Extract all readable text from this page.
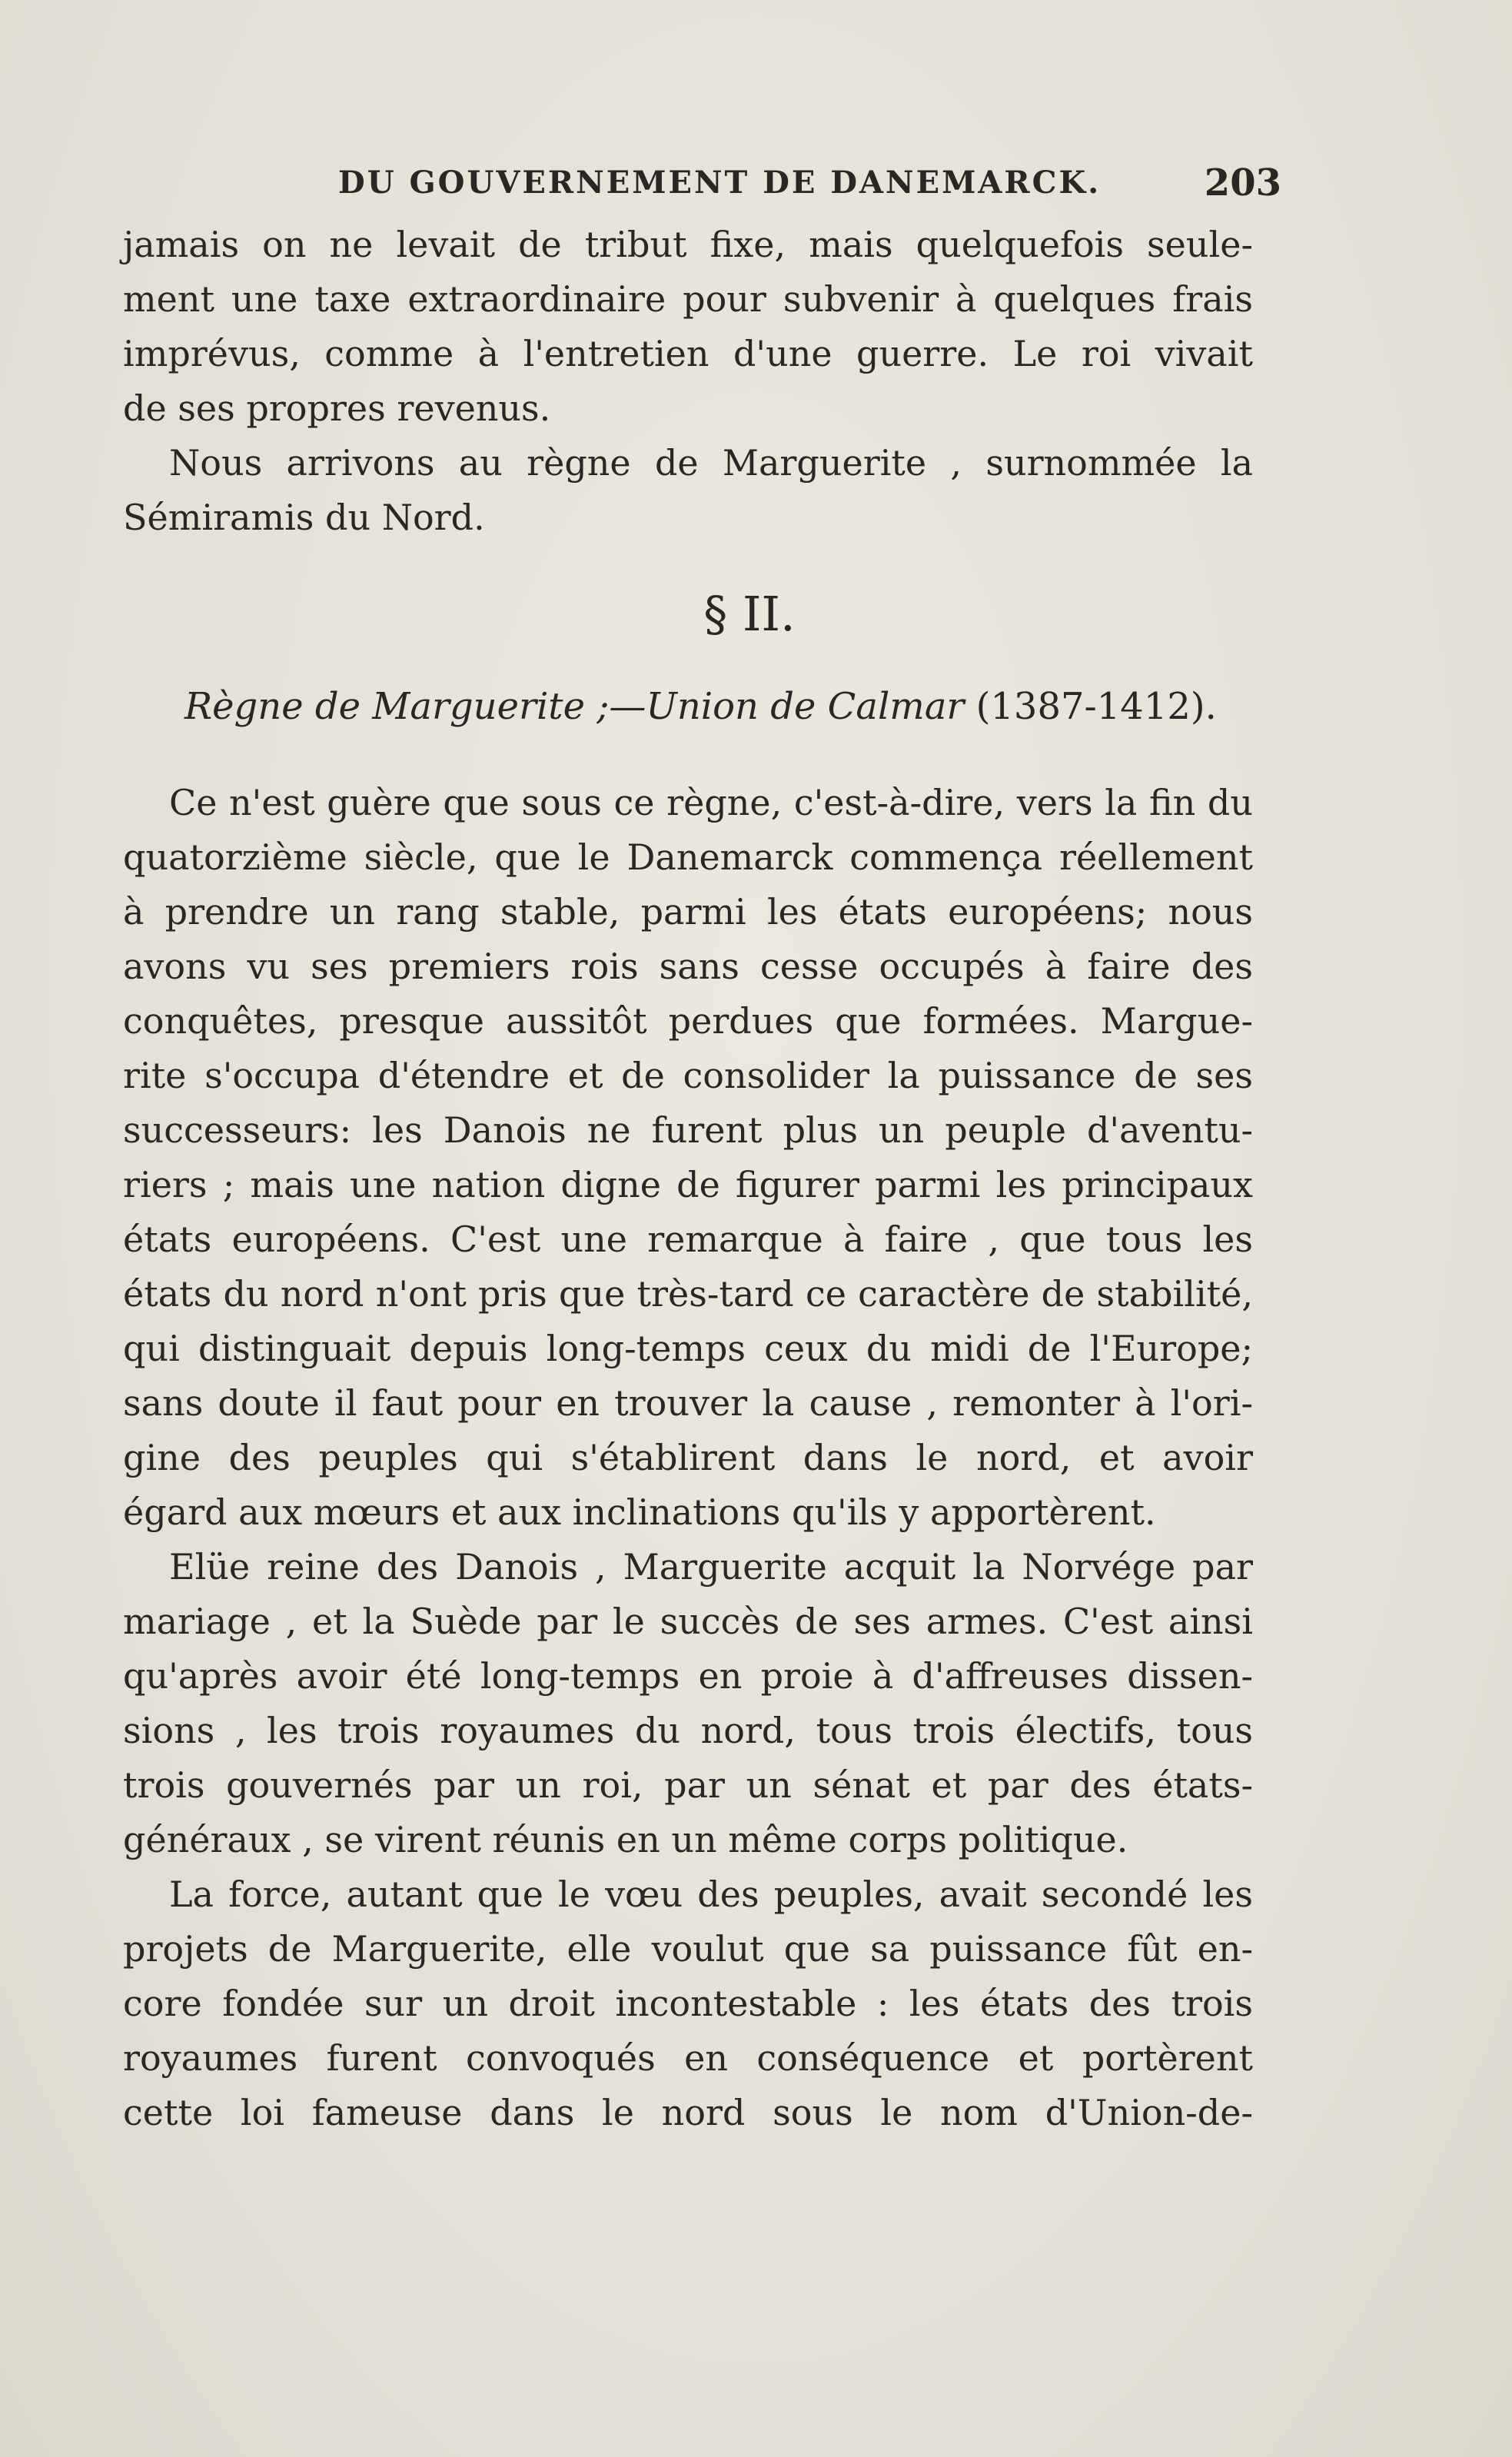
DU GOUVERNEMENT DE DANEMARCK.	203
jamais on ne levait de tribut fixe, mais quelquefois seule-
ment une taxe extraordinaire pour subvenir à quelques frais
imprévus, comme à l'entretien d'une guerre. Le roi vivait
de ses propres revenus.
Nous arrivons au règne de Marguerite , surnommée la
Sémiramis du Nord.
§ II.
Règne de Marguerite ;—Union de Calmar (1387-1412).
Ce n'est guère que sous ce règne, c'est-à-dire, vers la fin du
quatorzième siècle, que le Danemarck commença réellement
à prendre un rang stable, parmi les états européens; nous
avons vu ses premiers rois sans cesse occupés à faire des
conquêtes, presque aussitôt perdues que formées. Margue-
rite s'occupa d'étendre et de consolider la puissance de ses
successeurs: les Danois ne furent plus un peuple d'aventu-
riers ; mais une nation digne de figurer parmi les principaux
états européens. C'est une remarque à faire , que tous les
états du nord n'ont pris que très-tard ce caractère de stabilité,
qui distinguait depuis long-temps ceux du midi de l'Europe;
sans doute il faut pour en trouver la cause , remonter à l'ori-
gine des peuples qui s'établirent dans le nord, et avoir
égard aux mœurs et aux inclinations qu'ils y apportèrent.
Elüe reine des Danois , Marguerite acquit la Norvége par
mariage , et la Suède par le succès de ses armes. C'est ainsi
qu'après avoir été long-temps en proie à d'affreuses dissen-
sions , les trois royaumes du nord, tous trois électifs, tous
trois gouvernés par un roi, par un sénat et par des états-
généraux , se virent réunis en un même corps politique.
La force, autant que le vœu des peuples, avait secondé les
projets de Marguerite, elle voulut que sa puissance fût en-
core fondée sur un droit incontestable : les états des trois
royaumes furent convoqués en conséquence et portèrent
cette loi fameuse dans le nord sous le nom d'Union-de-
